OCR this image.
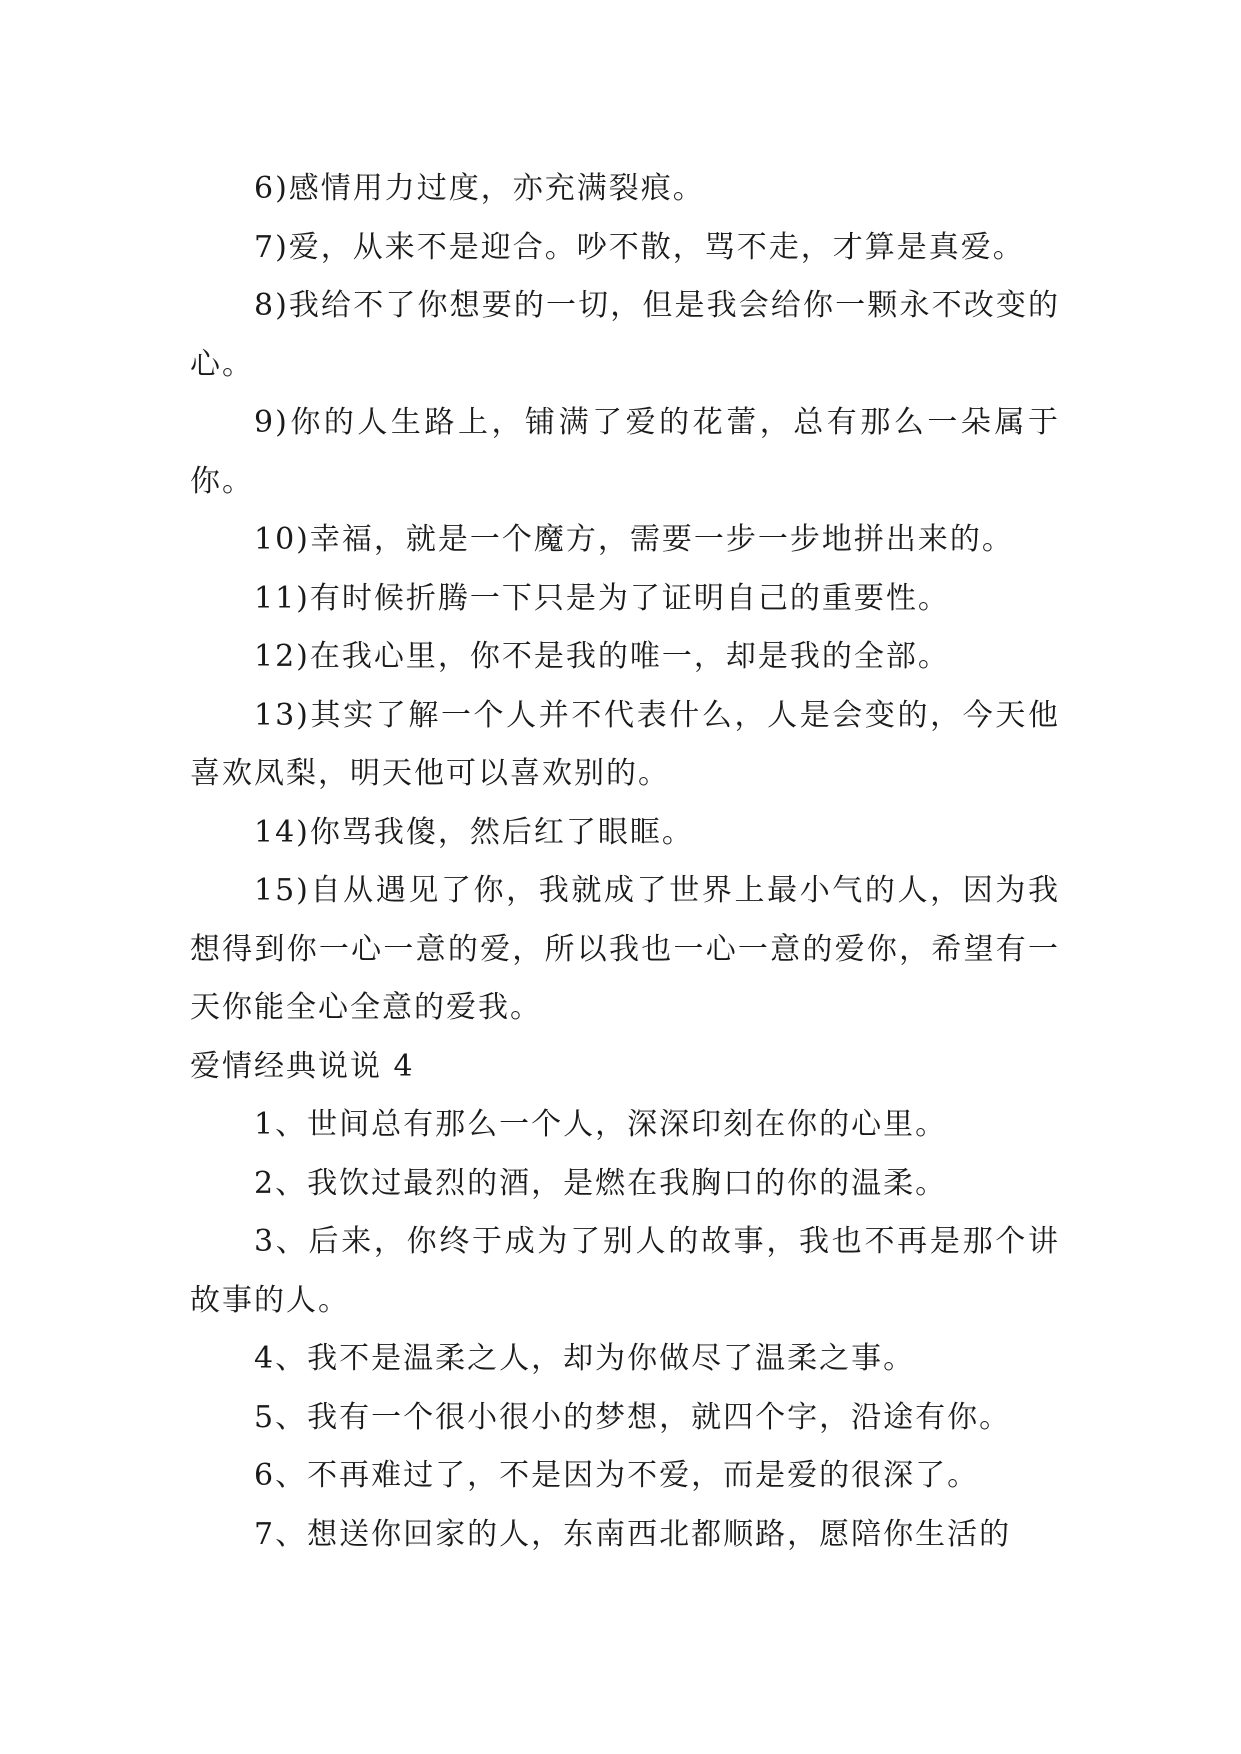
6)感情用力过度，亦充满裂痕。

7)爱，从来不是迎合。吵不散，骂不走，才算是真爱。

8)我给不了你想要的一切，但是我会给你一颗永不改变的心。

9)你的人生路上，铺满了爱的花蕾，总有那么一朵属于你。

10)幸福，就是一个魔方，需要一步一步地拼出来的。

11)有时候折腾一下只是为了证明自己的重要性。

12)在我心里，你不是我的唯一，却是我的全部。

13)其实了解一个人并不代表什么，人是会变的，今天他喜欢凤梨，明天他可以喜欢别的。

14)你骂我傻，然后红了眼眶。

15)自从遇见了你，我就成了世界上最小气的人，因为我想得到你一心一意的爱，所以我也一心一意的爱你，希望有一天你能全心全意的爱我。

爱情经典说说 4

1、世间总有那么一个人，深深印刻在你的心里。

2、我饮过最烈的酒，是燃在我胸口的你的温柔。

3、后来，你终于成为了别人的故事，我也不再是那个讲故事的人。

4、我不是温柔之人，却为你做尽了温柔之事。

5、我有一个很小很小的梦想，就四个字，沿途有你。

6、不再难过了，不是因为不爱，而是爱的很深了。

7、想送你回家的人，东南西北都顺路，愿陪你生活的
